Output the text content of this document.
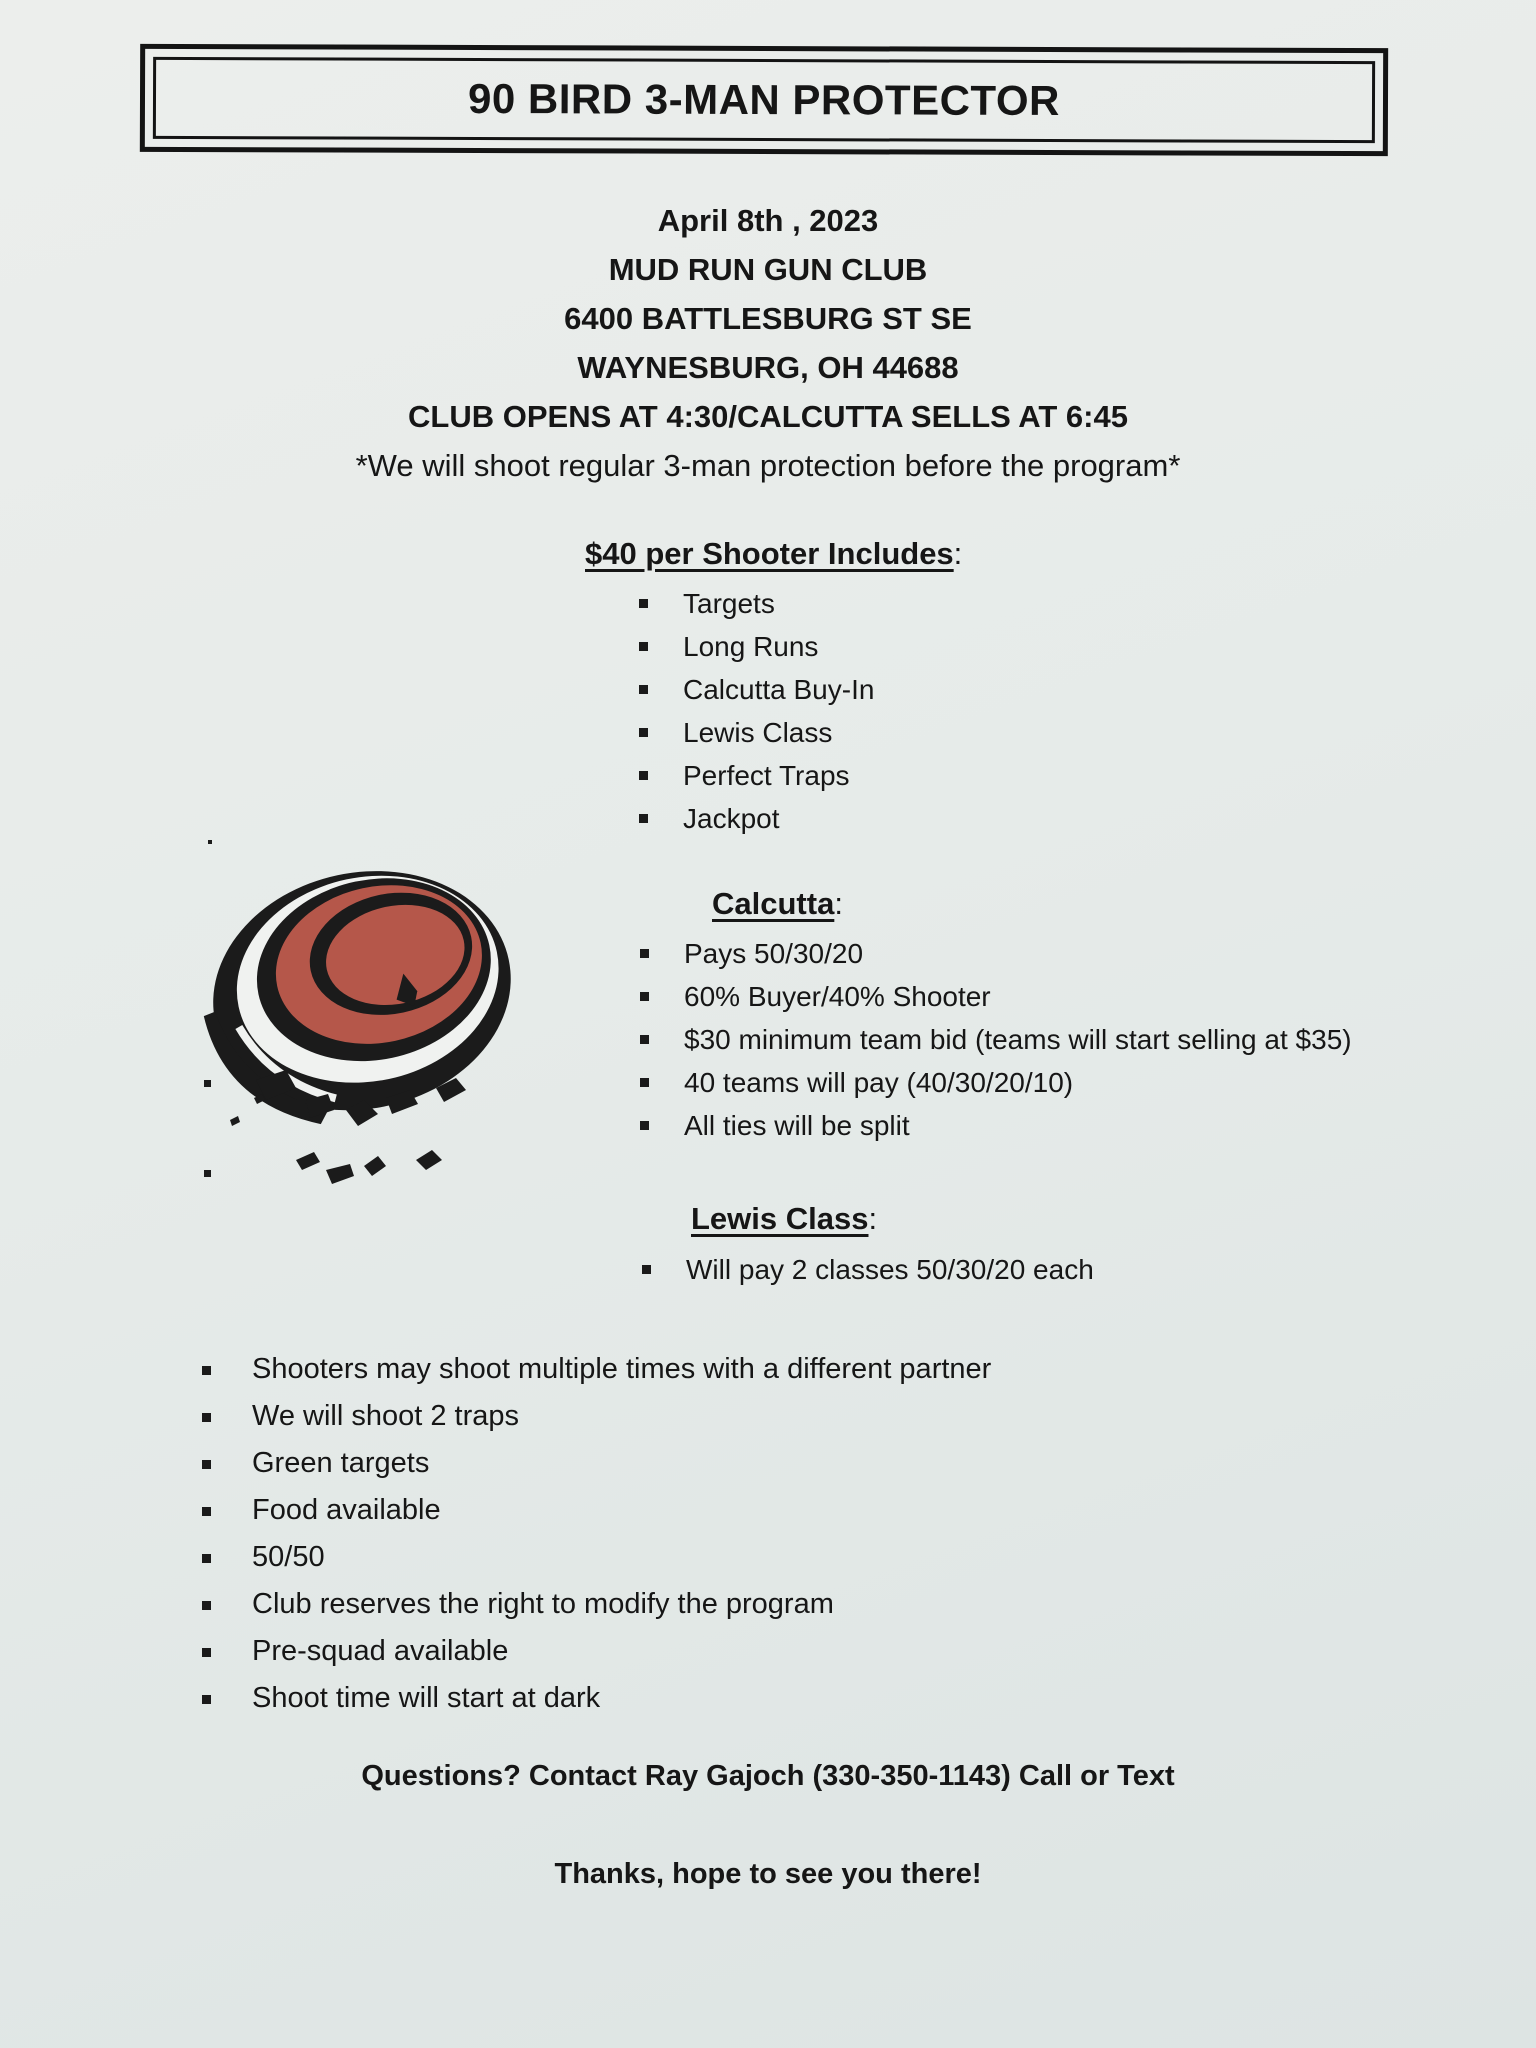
90 BIRD 3-MAN PROTECTOR
April 8th , 2023
MUD RUN GUN CLUB
6400 BATTLESBURG ST SE
WAYNESBURG, OH 44688
CLUB OPENS AT 4:30/CALCUTTA SELLS AT 6:45
*We will shoot regular 3-man protection before the program*
$40 per Shooter Includes:
Targets
Long Runs
Calcutta Buy-In
Lewis Class
Perfect Traps
Jackpot
Calcutta:
Pays 50/30/20
60% Buyer/40% Shooter
$30 minimum team bid (teams will start selling at $35)
40 teams will pay (40/30/20/10)
All ties will be split
Lewis Class:
Will pay 2 classes 50/30/20 each
Shooters may shoot multiple times with a different partner
We will shoot 2 traps
Green targets
Food available
50/50
Club reserves the right to modify the program
Pre-squad available
Shoot time will start at dark
Questions? Contact Ray Gajoch (330-350-1143) Call or Text
Thanks, hope to see you there!
